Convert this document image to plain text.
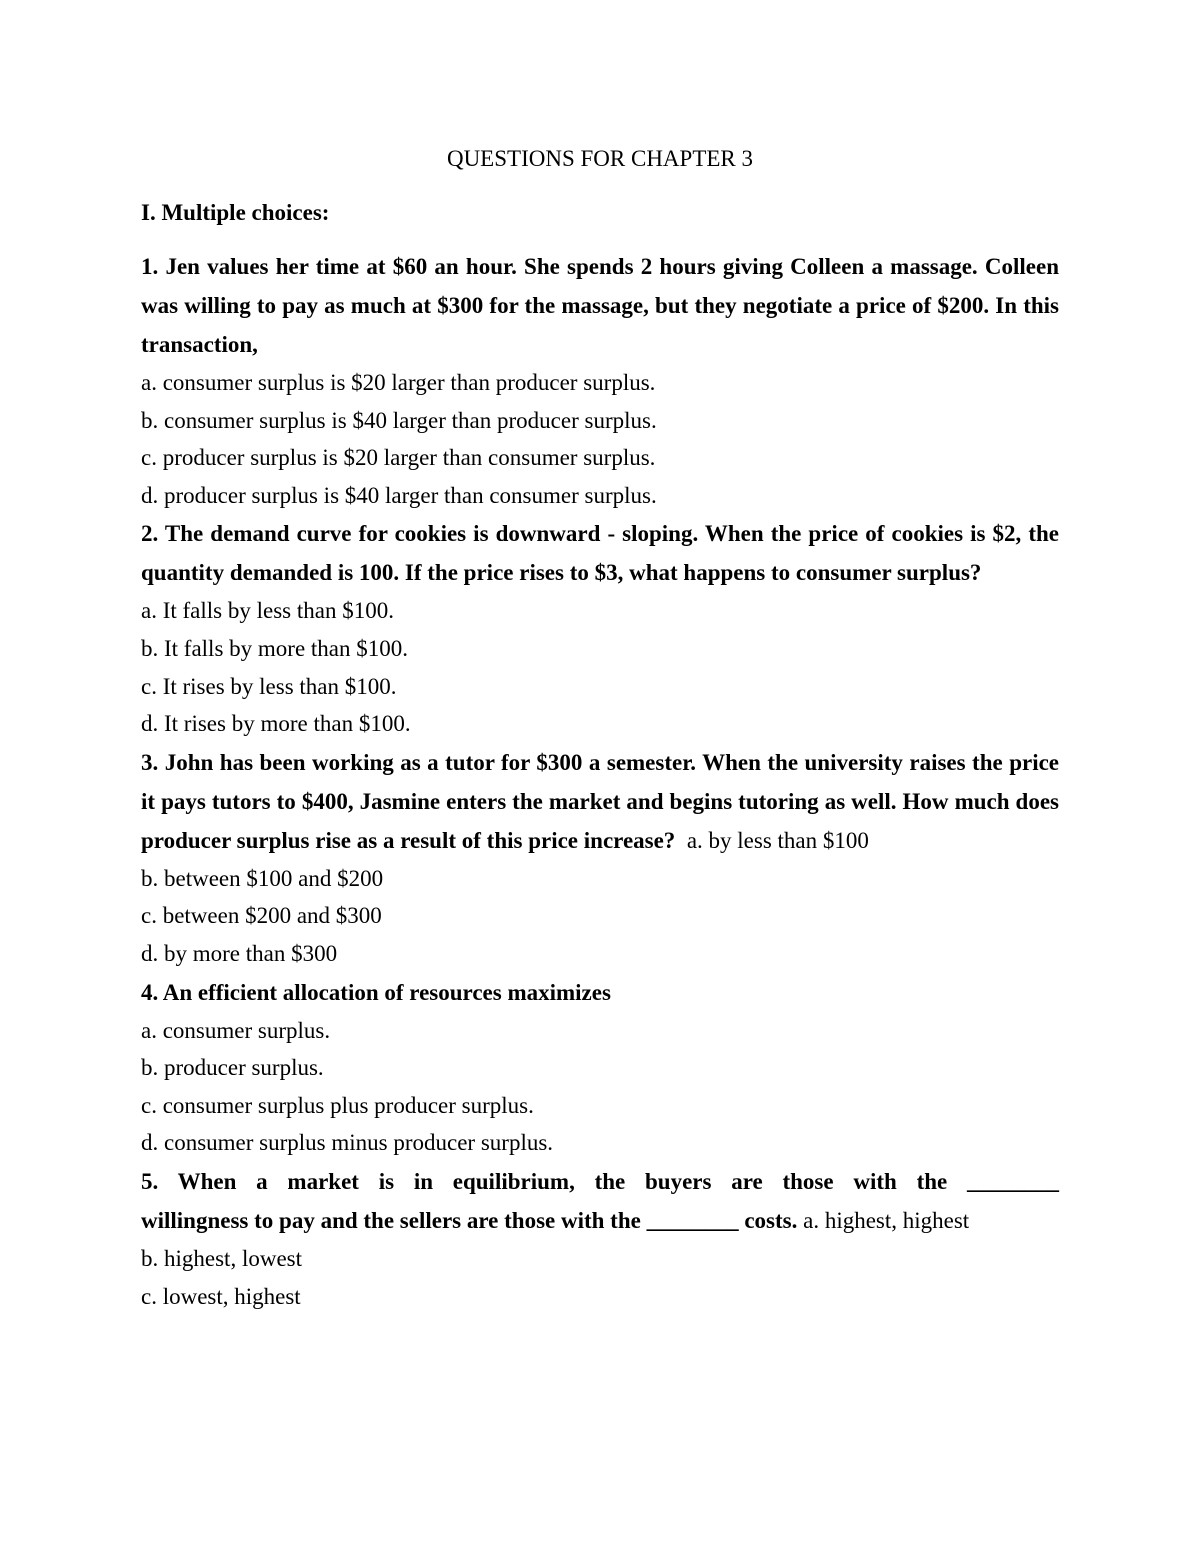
QUESTIONS FOR CHAPTER 3
I. Multiple choices:

1. Jen values her time at $60 an hour. She spends 2 hours giving Colleen a massage. Colleen was willing to pay as much at $300 for the massage, but they negotiate a price of $200. In this transaction,

a. consumer surplus is $20 larger than producer surplus.

b. consumer surplus is $40 larger than producer surplus.

c. producer surplus is $20 larger than consumer surplus.

d. producer surplus is $40 larger than consumer surplus.

2. The demand curve for cookies is downward - sloping. When the price of cookies is $2, the quantity demanded is 100. If the price rises to $3, what happens to consumer surplus?

a. It falls by less than $100.

b. It falls by more than $100.

c. It rises by less than $100.

d. It rises by more than $100.

3. John has been working as a tutor for $300 a semester. When the university raises the price it pays tutors to $400, Jasmine enters the market and begins tutoring as well. How much does producer surplus rise as a result of this price increase? a. by less than $100

b. between $100 and $200

c. between $200 and $300

d. by more than $300

4. An efficient allocation of resources maximizes

a. consumer surplus.

b. producer surplus.

c. consumer surplus plus producer surplus.

d. consumer surplus minus producer surplus.

5. When a market is in equilibrium, the buyers are those with the ________

willingness to pay and the sellers are those with the ________ costs. a. highest, highest

b. highest, lowest

c. lowest, highest
